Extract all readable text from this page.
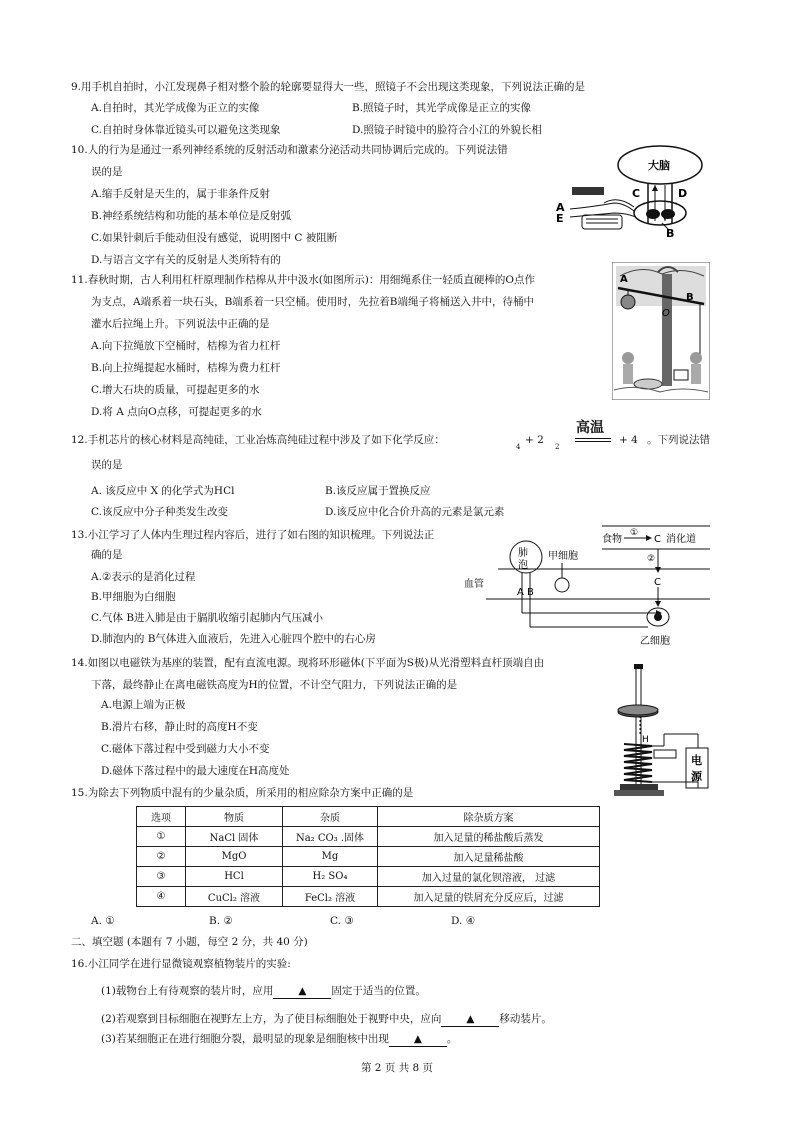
9.用手机自拍时，小江发现鼻子相对整个脸的轮廓要显得大一些，照镜子不会出现这类现象，下列说法正确的是
A.自拍时，其光学成像为正立的实像	B.照镜子时，其光学成像是正立的实像
C.自拍时身体靠近镜头可以避免这类现象	D.照镜子时镜中的脸符合小江的外貌长相
10.人的行为是通过一系列神经系统的反射活动和激素分泌活动共同协调后完成的。下列说法错
误的是
A.缩手反射是天生的，属于非条件反射
B.神经系统结构和功能的基本单位是反射弧
C.如果针刺后手能动但没有感觉，说明图中 C 被阻断
D.与语言文字有关的反射是人类所特有的
大脑
C	D
A
E
B
11.春秋时期，古人利用杠杆原理制作桔槔从井中汲水(如图所示)：用细绳系住一轻质直硬棒的O点作
为支点，A端系着一块石头，B端系着一只空桶。使用时，先拉着B端绳子将桶送入井中，待桶中
灌水后拉绳上升。下列说法中正确的是
A.向下拉绳放下空桶时，桔槔为省力杠杆
B.向上拉绳提起水桶时，桔槔为费力杠杆
C.增大石块的质量，可提起更多的水
D.将 A 点向O点移，可提起更多的水
A
O
B
12.手机芯片的核心材料是高纯硅，工业冶炼高纯硅过程中涉及了如下化学反应：
4
+ 2
2
高温
+ 4 。下列说法错
误的是
A. 该反应中 X 的化学式为HCl	B.该反应属于置换反应
C.该反应中分子种类发生改变	D.该反应中化合价升高的元素是氯元素
13.小江学习了人体内生理过程内容后，进行了如右图的知识梳理。下列说法正
确的是
A.②表示的是消化过程
B.甲细胞为白细胞
C.气体 B进入肺是由于膈肌收缩引起肺内气压减小
D.肺泡内的 B气体进入血液后，先进入心脏四个腔中的右心房
食物
①
C 消化道
②
血管
肺
泡
甲细胞
A B
C
乙细胞
14.如图以电磁铁为基座的装置，配有直流电源。现将环形磁体(下平面为S极)从光滑塑料直杆顶端自由
下落，最终静止在离电磁铁高度为H的位置，不计空气阻力，下列说法正确的是
A.电源上端为正极
B.滑片右移，静止时的高度H不变
C.磁体下落过程中受到磁力大小不变
D.磁体下落过程中的最大速度在H高度处
H
电
源
15.为除去下列物质中混有的少量杂质，所采用的相应除杂方案中正确的是
选项	物质	杂质	除杂质方案
①	NaCl 固体	Na₂ CO₃ .固体	加入足量的稀盐酸后蒸发
②	MgO	Mg	加入足量稀盐酸
③	HCl	H₂ SO₄	加入过量的氯化钡溶液， 过滤
④	CuCl₂ 溶液	FeCl₂ 溶液	加入足量的铁屑充分反应后，过滤
A. ①	B. ②	C. ③	D. ④
二、填空题 (本题有 7 小题，每空 2 分，共 40 分)
16.小江同学在进行显微镜观察植物装片的实验:
(1)载物台上有待观察的装片时，应用 ▲ 固定于适当的位置。
(2)若观察到目标细胞在视野左上方，为了使目标细胞处于视野中央，应向 ▲ 移动装片。
(3)若某细胞正在进行细胞分裂，最明显的现象是细胞核中出现 ▲ 。
第 2 页 共 8 页
